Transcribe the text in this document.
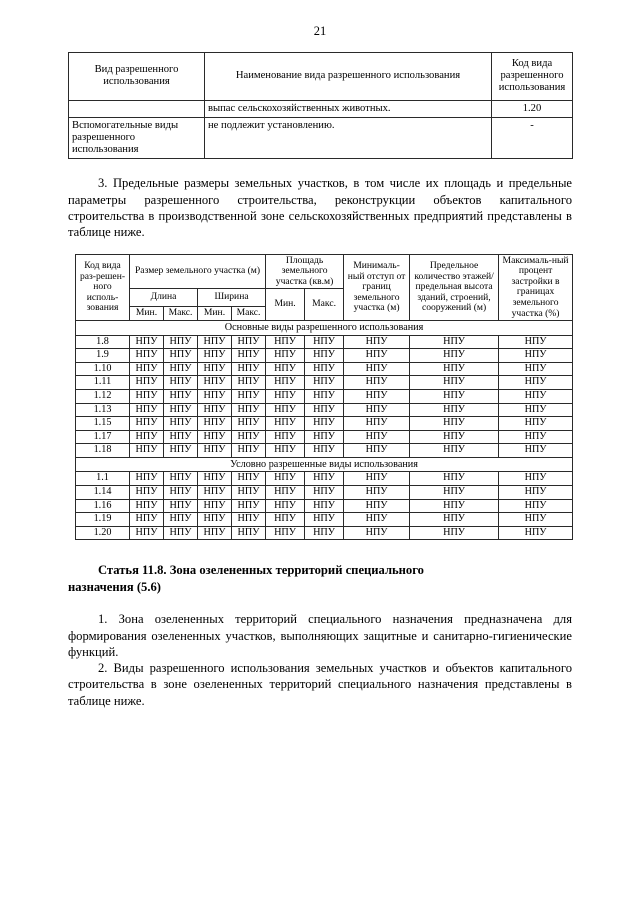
21
Вид разрешенного использования	Наименование вида разрешенного использования	Код вида разрешенного использования
	выпас сельскохозяйственных животных.	1.20
Вспомогательные виды разрешенного использования	не подлежит установлению.	-

3. Предельные размеры земельных участков, в том числе их площадь и предельные параметры разрешенного строительства, реконструкции объектов капитального строительства в производственной зоне сельскохозяйственных предприятий представлены в таблице ниже.

Код вида раз-решен-ного исполь-зования	Размер земельного участка (м)				Площадь земельного участка (кв.м)		Минималь-ный отступ от границ земельного участка (м)	Предельное количество этажей/ предельная высота зданий, строений, сооружений (м)	Максималь-ный процент застройки в границах земельного участка (%)
	Длина		Ширина		Мин.	Макс.			
	Мин.	Макс.	Мин.	Макс.					
Основные виды разрешенного использования									
1.8	НПУ	НПУ	НПУ	НПУ	НПУ	НПУ	НПУ	НПУ	НПУ
1.9	НПУ	НПУ	НПУ	НПУ	НПУ	НПУ	НПУ	НПУ	НПУ
1.10	НПУ	НПУ	НПУ	НПУ	НПУ	НПУ	НПУ	НПУ	НПУ
1.11	НПУ	НПУ	НПУ	НПУ	НПУ	НПУ	НПУ	НПУ	НПУ
1.12	НПУ	НПУ	НПУ	НПУ	НПУ	НПУ	НПУ	НПУ	НПУ
1.13	НПУ	НПУ	НПУ	НПУ	НПУ	НПУ	НПУ	НПУ	НПУ
1.15	НПУ	НПУ	НПУ	НПУ	НПУ	НПУ	НПУ	НПУ	НПУ
1.17	НПУ	НПУ	НПУ	НПУ	НПУ	НПУ	НПУ	НПУ	НПУ
1.18	НПУ	НПУ	НПУ	НПУ	НПУ	НПУ	НПУ	НПУ	НПУ
Условно разрешенные виды использования									
1.1	НПУ	НПУ	НПУ	НПУ	НПУ	НПУ	НПУ	НПУ	НПУ
1.14	НПУ	НПУ	НПУ	НПУ	НПУ	НПУ	НПУ	НПУ	НПУ
1.16	НПУ	НПУ	НПУ	НПУ	НПУ	НПУ	НПУ	НПУ	НПУ
1.19	НПУ	НПУ	НПУ	НПУ	НПУ	НПУ	НПУ	НПУ	НПУ
1.20	НПУ	НПУ	НПУ	НПУ	НПУ	НПУ	НПУ	НПУ	НПУ
Статья 11.8. Зона озелененных территорий специального
назначения (5.6)

1. Зона озелененных территорий специального назначения предназначена для формирования озелененных участков, выполняющих защитные и санитарно-гигиенические функций.

2. Виды разрешенного использования земельных участков и объектов капитального строительства в зоне озелененных территорий специального назначения представлены в таблице ниже.
